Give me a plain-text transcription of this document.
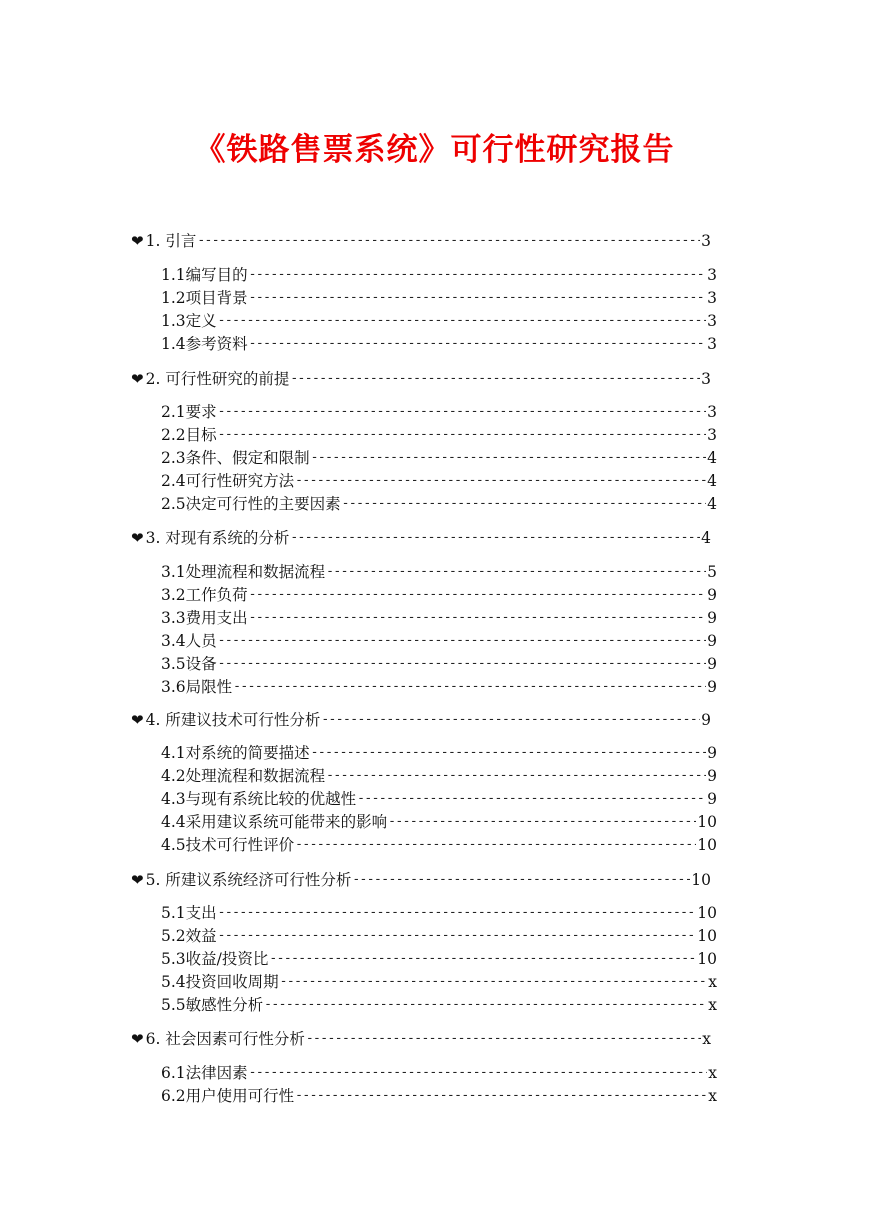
《铁路售票系统》可行性研究报告
❤ 1. 引言 -----	3
1.1编写目的 -----	3
1.2项目背景 -----	3
1.3定义 -----	3
1.4参考资料 -----	3
❤ 2. 可行性研究的前提 -----	3
2.1要求 -----	3
2.2目标 -----	3
2.3条件、假定和限制 -----	4
2.4可行性研究方法 -----	4
2.5决定可行性的主要因素 -----	4
❤ 3. 对现有系统的分析 -----	4
3.1处理流程和数据流程 -----	5
3.2工作负荷 -----	9
3.3费用支出 -----	9
3.4人员 -----	9
3.5设备 -----	9
3.6局限性 -----	9
❤ 4. 所建议技术可行性分析 -----	9
4.1对系统的简要描述 -----	9
4.2处理流程和数据流程 -----	9
4.3与现有系统比较的优越性 -----	9
4.4采用建议系统可能带来的影响 -----	10
4.5技术可行性评价 -----	10
❤ 5. 所建议系统经济可行性分析 -----	10
5.1支出 -----	10
5.2效益 -----	10
5.3收益/投资比 -----	10
5.4投资回收周期 -----	x
5.5敏感性分析 -----	x
❤ 6. 社会因素可行性分析 -----	x
6.1法律因素 -----	x
6.2用户使用可行性 -----	x
